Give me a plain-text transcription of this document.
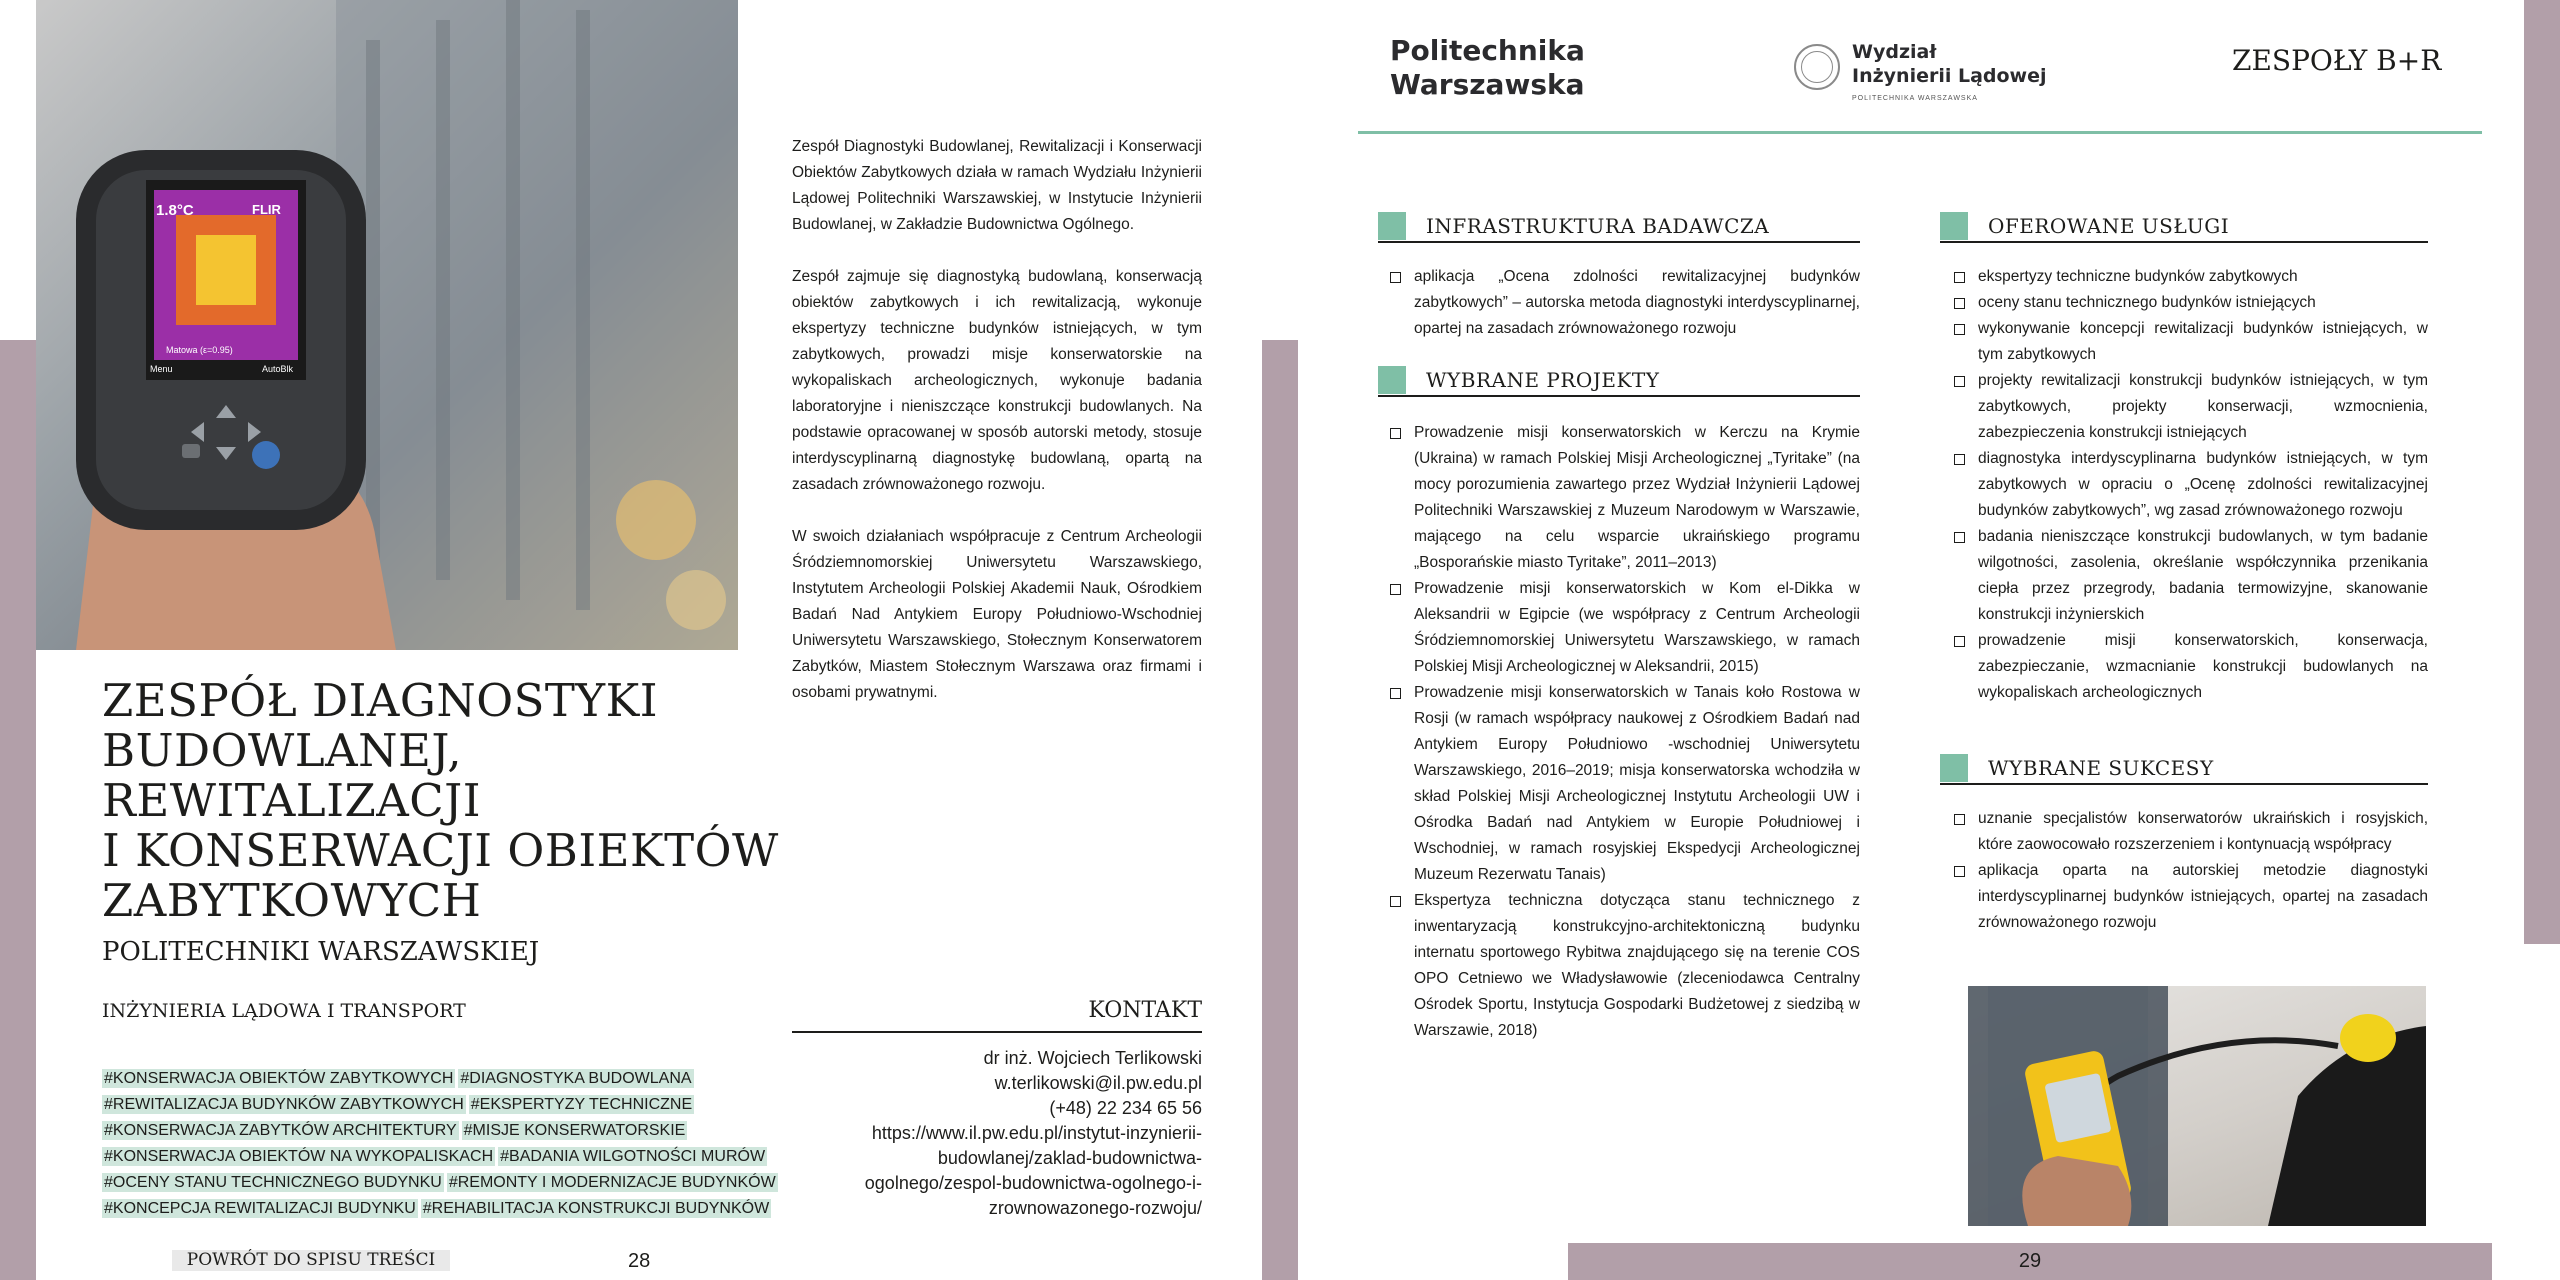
1.8°C	FLIR
Matowa (ε=0.95)
Menu	AutoBlk
ZESPÓŁ DIAGNOSTYKI
BUDOWLANEJ,
REWITALIZACJI
I KONSERWACJI OBIEKTÓW
ZABYTKOWYCH
POLITECHNIKI WARSZAWSKIEJ
INŻYNIERIA LĄDOWA I TRANSPORT
#KONSERWACJA OBIEKTÓW ZABYTKOWYCH #DIAGNOSTYKA BUDOWLANA
#REWITALIZACJA BUDYNKÓW ZABYTKOWYCH #EKSPERTYZY TECHNICZNE
#KONSERWACJA ZABYTKÓW ARCHITEKTURY #MISJE KONSERWATORSKIE
#KONSERWACJA OBIEKTÓW NA WYKOPALISKACH #BADANIA WILGOTNOŚCI MURÓW
#OCENY STANU TECHNICZNEGO BUDYNKU #REMONTY I MODERNIZACJE BUDYNKÓW
#KONCEPCJA REWITALIZACJI BUDYNKU #REHABILITACJA KONSTRUKCJI BUDYNKÓW
POWRÓT DO SPISU TREŚCI	28

Zespół Diagnostyki Budowlanej, Rewitalizacji i Konserwacji Obiektów Zabytkowych działa w ramach Wydziału Inżynierii Lądowej Politechniki Warszawskiej, w Instytucie Inżynierii Budowlanej, w Zakładzie Budownictwa Ogólnego.

Zespół zajmuje się diagnostyką budowlaną, konserwacją obiektów zabytkowych i ich rewitalizacją, wykonuje ekspertyzy techniczne budynków istniejących, w tym zabytkowych, prowadzi misje konserwatorskie na wykopaliskach archeologicznych, wykonuje badania laboratoryjne i nieniszczące konstrukcji budowlanych. Na podstawie opracowanej w sposób autorski metody, stosuje interdyscyplinarną diagnostykę budowlaną, opartą na zasadach zrównoważonego rozwoju.

W swoich działaniach współpracuje z Centrum Archeologii Śródziemnomorskiej Uniwersytetu Warszawskiego, Instytutem Archeologii Polskiej Akademii Nauk, Ośrodkiem Badań Nad Antykiem Europy Południowo-Wschodniej Uniwersytetu Warszawskiego, Stołecznym Konserwatorem Zabytków, Miastem Stołecznym Warszawa oraz firmami i osobami prywatnymi.

KONTAKT
dr inż. Wojciech Terlikowski
w.terlikowski@il.pw.edu.pl
(+48) 22 234 65 56
https://www.il.pw.edu.pl/instytut-inzynierii-
budowlanej/zaklad-budownictwa-
ogolnego/zespol-budownictwa-ogolnego-i-
zrownowazonego-rozwoju/
Politechnika
Warszawska
Wydział
Inżynierii Lądowej
POLITECHNIKA WARSZAWSKA
ZESPOŁY B+R
INFRASTRUKTURA BADAWCZA
aplikacja „Ocena zdolności rewitalizacyjnej budynków zabytkowych” – autorska metoda diagnostyki interdyscyplinarnej, opartej na zasadach zrównoważonego rozwoju
WYBRANE PROJEKTY
Prowadzenie misji konserwatorskich w Kerczu na Krymie (Ukraina) w ramach Polskiej Misji Archeologicznej „Tyritake” (na mocy porozumienia zawartego przez Wydział Inżynierii Lądowej Politechniki Warszawskiej z Muzeum Narodowym w Warszawie, mającego na celu wsparcie ukraińskiego programu „Bosporańskie miasto Tyritake”, 2011–2013)
Prowadzenie misji konserwatorskich w Kom el-Dikka w Aleksandrii w Egipcie (we współpracy z Centrum Archeologii Śródziemnomorskiej Uniwersytetu Warszawskiego, w ramach Polskiej Misji Archeologicznej w Aleksandrii, 2015)
Prowadzenie misji konserwatorskich w Tanais koło Rostowa w Rosji (w ramach współpracy naukowej z Ośrodkiem Badań nad Antykiem Europy Południowo -wschodniej Uniwersytetu Warszawskiego, 2016–2019; misja konserwatorska wchodziła w skład Polskiej Misji Archeologicznej Instytutu Archeologii UW i Ośrodka Badań nad Antykiem w Europie Południowej i Wschodniej, w ramach rosyjskiej Ekspedycji Archeologicznej Muzeum Rezerwatu Tanais)
Ekspertyza techniczna dotycząca stanu technicznego z inwentaryzacją konstrukcyjno-architektoniczną budynku internatu sportowego Rybitwa znajdującego się na terenie COS OPO Cetniewo we Władysławowie (zleceniodawca Centralny Ośrodek Sportu, Instytucja Gospodarki Budżetowej z siedzibą w Warszawie, 2018)
OFEROWANE USŁUGI
ekspertyzy techniczne budynków zabytkowych
oceny stanu technicznego budynków istniejących
wykonywanie koncepcji rewitalizacji budynków istniejących, w tym zabytkowych
projekty rewitalizacji konstrukcji budynków istniejących, w tym zabytkowych, projekty konserwacji, wzmocnienia, zabezpieczenia konstrukcji istniejących
diagnostyka interdyscyplinarna budynków istniejących, w tym zabytkowych w opraciu o „Ocenę zdolności rewitalizacyjnej budynków zabytkowych”, wg zasad zrównoważonego rozwoju
badania nieniszczące konstrukcji budowlanych, w tym badanie wilgotności, zasolenia, określanie współczynnika przenikania ciepła przez przegrody, badania termowizyjne, skanowanie konstrukcji inżynierskich
prowadzenie misji konserwatorskich, konserwacja, zabezpieczanie, wzmacnianie konstrukcji budowlanych na wykopaliskach archeologicznych
WYBRANE SUKCESY
uznanie specjalistów konserwatorów ukraińskich i rosyjskich, które zaowocowało rozszerzeniem i kontynuacją współpracy
aplikacja oparta na autorskiej metodzie diagnostyki interdyscyplinarnej budynków istniejących, opartej na zasadach zrównoważonego rozwoju
29
